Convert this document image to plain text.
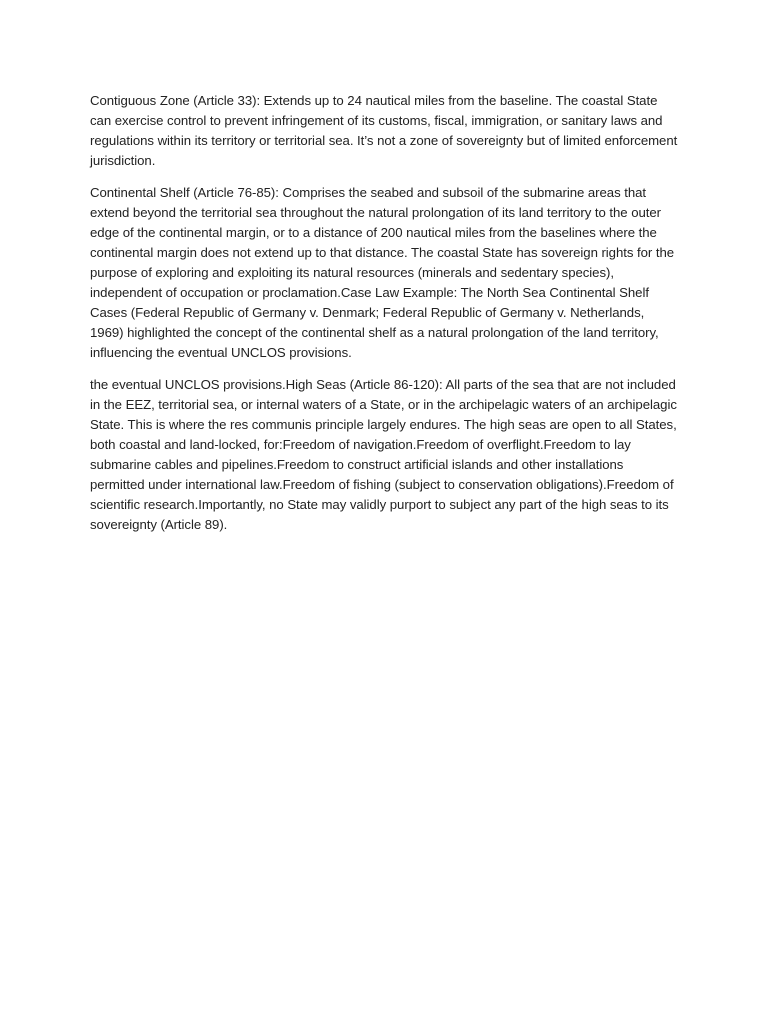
Contiguous Zone (Article 33): Extends up to 24 nautical miles from the baseline. The coastal State can exercise control to prevent infringement of its customs, fiscal, immigration, or sanitary laws and regulations within its territory or territorial sea. It’s not a zone of sovereignty but of limited enforcement jurisdiction.

Continental Shelf (Article 76-85): Comprises the seabed and subsoil of the submarine areas that extend beyond the territorial sea throughout the natural prolongation of its land territory to the outer edge of the continental margin, or to a distance of 200 nautical miles from the baselines where the continental margin does not extend up to that distance. The coastal State has sovereign rights for the purpose of exploring and exploiting its natural resources (minerals and sedentary species), independent of occupation or proclamation.Case Law Example: The North Sea Continental Shelf Cases (Federal Republic of Germany v. Denmark; Federal Republic of Germany v. Netherlands, 1969) highlighted the concept of the continental shelf as a natural prolongation of the land territory, influencing the eventual UNCLOS provisions.

the eventual UNCLOS provisions.High Seas (Article 86-120): All parts of the sea that are not included in the EEZ, territorial sea, or internal waters of a State, or in the archipelagic waters of an archipelagic State. This is where the res communis principle largely endures. The high seas are open to all States, both coastal and land-locked, for:Freedom of navigation.Freedom of overflight.Freedom to lay submarine cables and pipelines.Freedom to construct artificial islands and other installations permitted under international law.Freedom of fishing (subject to conservation obligations).Freedom of scientific research.Importantly, no State may validly purport to subject any part of the high seas to its sovereignty (Article 89).
